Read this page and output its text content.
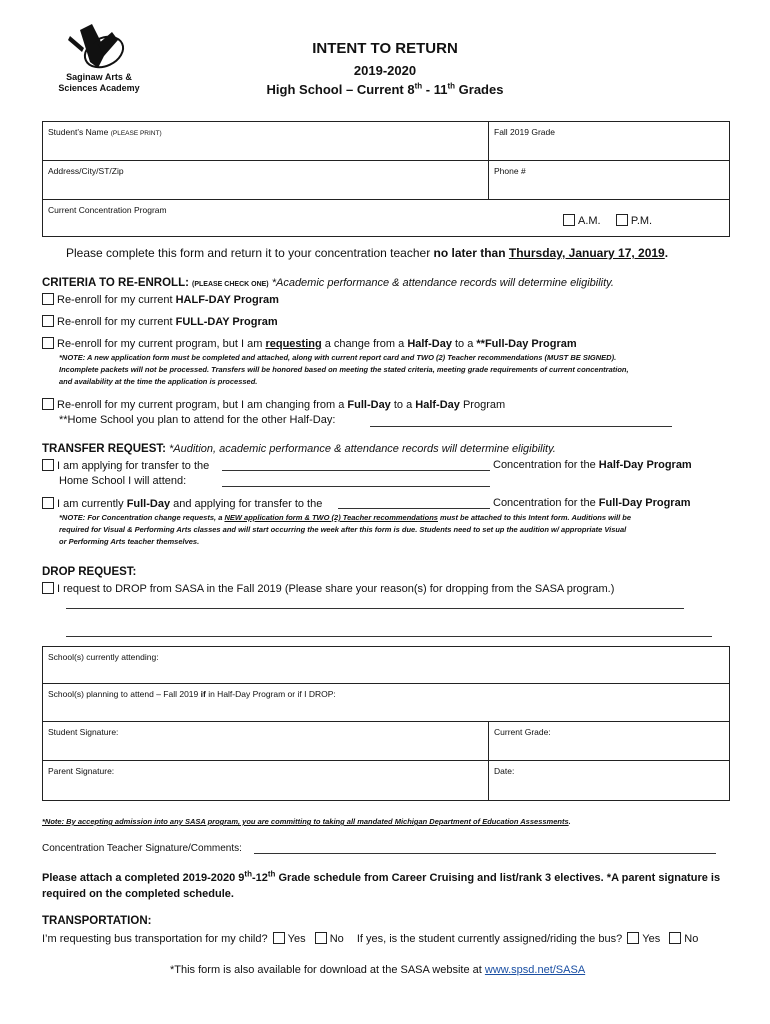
Saginaw Arts &
Sciences Academy
INTENT TO RETURN
2019-2020
High School – Current 8th - 11th Grades
Student’s Name (PLEASE PRINT)	Fall 2019 Grade
Address/City/ST/Zip	Phone #
Current Concentration Program
A.M. P.M.	
Please complete this form and return it to your concentration teacher no later than Thursday, January 17, 2019.
CRITERIA TO RE-ENROLL: (PLEASE CHECK ONE) *Academic performance & attendance records will determine eligibility.
Re-enroll for my current HALF-DAY Program
Re-enroll for my current FULL-DAY Program
Re-enroll for my current program, but I am requesting a change from a Half-Day to a **Full-Day Program
*NOTE: A new application form must be completed and attached, along with current report card and TWO (2) Teacher recommendations (MUST BE SIGNED).
Incomplete packets will not be processed. Transfers will be honored based on meeting the stated criteria, meeting grade requirements of current concentration,
and availability at the time the application is processed.
Re-enroll for my current program, but I am changing from a Full-Day to a Half-Day Program
**Home School you plan to attend for the other Half-Day:
TRANSFER REQUEST: *Audition, academic performance & attendance records will determine eligibility.
I am applying for transfer to the	Concentration for the Half-Day Program
Home School I will attend:
I am currently Full-Day and applying for transfer to the	Concentration for the Full-Day Program
*NOTE: For Concentration change requests, a NEW application form & TWO (2) Teacher recommendations must be attached to this Intent form. Auditions will be
required for Visual & Performing Arts classes and will start occurring the week after this form is due. Students need to set up the audition w/ appropriate Visual
or Performing Arts teacher themselves.
DROP REQUEST:
I request to DROP from SASA in the Fall 2019 (Please share your reason(s) for dropping from the SASA program.)
School(s) currently attending:	
School(s) planning to attend – Fall 2019 if in Half-Day Program or if I DROP:	
Student Signature:	Current Grade:
Parent Signature:	Date:
*Note: By accepting admission into any SASA program, you are committing to taking all mandated Michigan Department of Education Assessments.
Concentration Teacher Signature/Comments:
Please attach a completed 2019-2020 9th-12th Grade schedule from Career Cruising and list/rank 3 electives. *A parent signature is
required on the completed schedule.
TRANSPORTATION:
I’m requesting bus transportation for my child? Yes No If yes, is the student currently assigned/riding the bus? Yes No
*This form is also available for download at the SASA website at www.spsd.net/SASA
